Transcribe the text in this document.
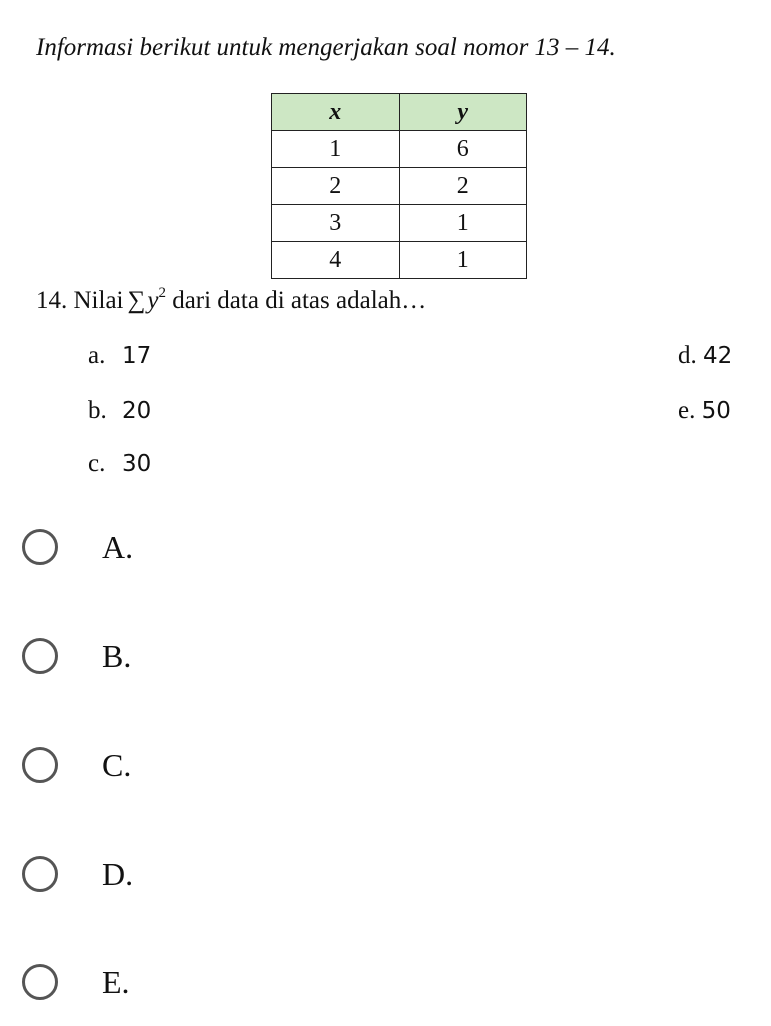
Informasi berikut untuk mengerjakan soal nomor 13 – 14.
x	y
1	6
2	2
3	1
4	1
14. Nilai $\sum y^2$ dari data di atas adalah…
a. 17
b. 20
c. 30
d. 42
e. 50
A.
B.
C.
D.
E.
